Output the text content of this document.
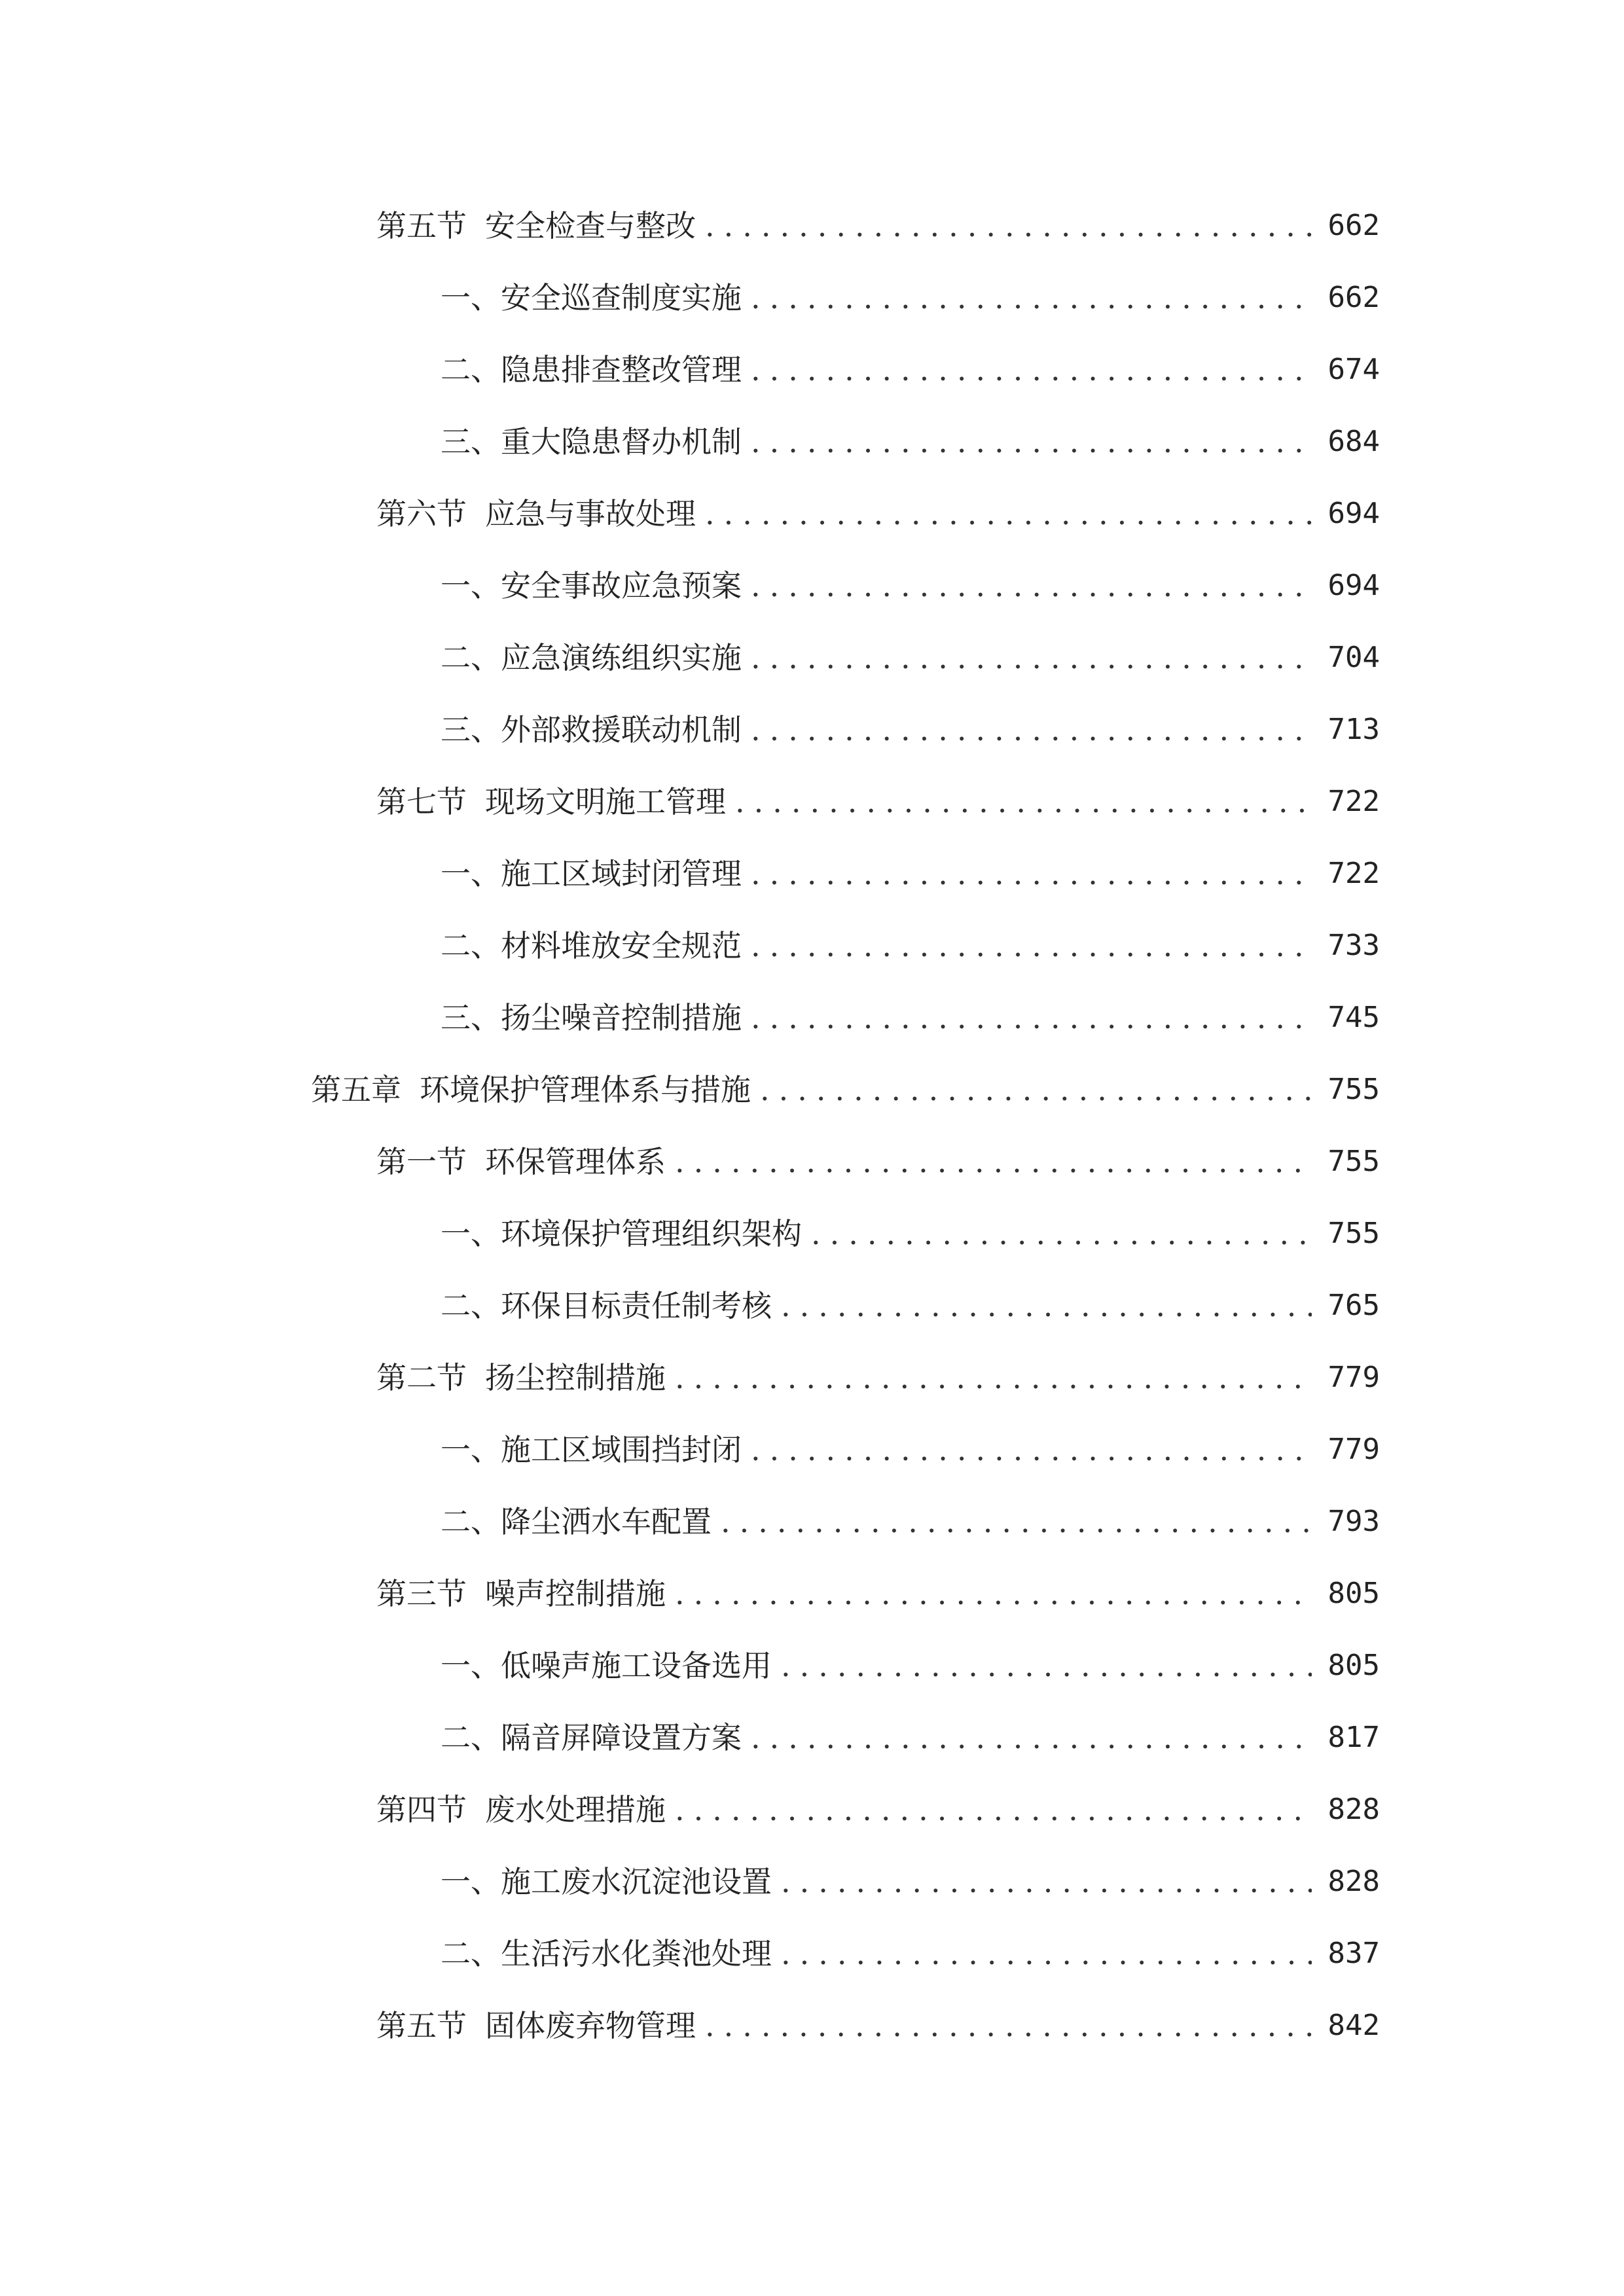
第五节 安全检查与整改 .....	662
一、 安全巡查制度实施 .....	662
二、 隐患排查整改管理 .....	674
三、 重大隐患督办机制 .....	684
第六节 应急与事故处理 .....	694
一、 安全事故应急预案 .....	694
二、 应急演练组织实施 .....	704
三、 外部救援联动机制 .....	713
第七节 现场文明施工管理 .....	722
一、 施工区域封闭管理 .....	722
二、 材料堆放安全规范 .....	733
三、 扬尘噪音控制措施 .....	745
第五章 环境保护管理体系与措施 .....	755
第一节 环保管理体系 .....	755
一、 环境保护管理组织架构 .....	755
二、 环保目标责任制考核 .....	765
第二节 扬尘控制措施 .....	779
一、 施工区域围挡封闭 .....	779
二、 降尘洒水车配置 .....	793
第三节 噪声控制措施 .....	805
一、 低噪声施工设备选用 .....	805
二、 隔音屏障设置方案 .....	817
第四节 废水处理措施 .....	828
一、 施工废水沉淀池设置 .....	828
二、 生活污水化粪池处理 .....	837
第五节 固体废弃物管理 .....	842
